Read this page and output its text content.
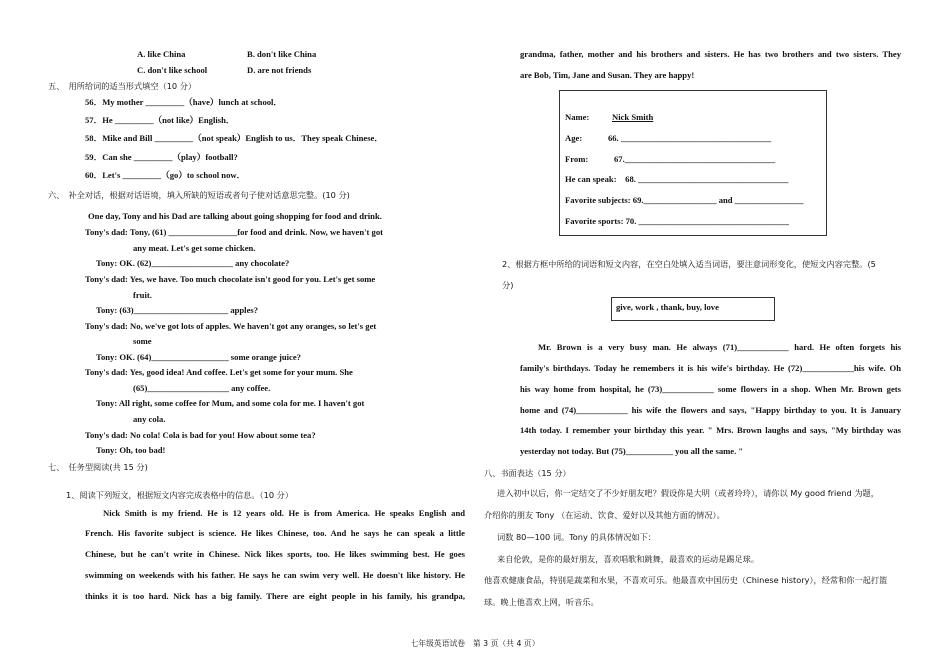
A. like China	B. don't like China
C. don't like school	D. are not friends
五、　用所给词的适当形式填空（10 分）
56．My mother _________（have）lunch at school．
57．He _________（not like）English．
58．Mike and Bill _________（not speak）English to us．They speak Chinese．
59．Can she _________（play）football?
60．Let's _________（go）to school now．
六、　补全对话，根据对话语境，填入所缺的短语或者句子使对话意思完整。(10 分)
One day, Tony and his Dad are talking about going shopping for food and drink.
Tony's dad: Tony, (61) ________________for food and drink. Now, we haven't got
any meat. Let's get some chicken.
Tony: OK. (62)___________________ any chocolate?
Tony's dad: Yes, we have. Too much chocolate isn't good for you. Let's get some
fruit.
Tony: (63)______________________ apples?
Tony's dad: No, we've got lots of apples. We haven't got any oranges, so let's get
some
Tony: OK. (64)__________________ some orange juice?
Tony's dad: Yes, good idea! And coffee. Let's get some for your mum. She
(65)___________________ any coffee.
Tony: All right, some coffee for Mum, and some cola for me. I haven't got
any cola.
Tony's dad: No cola! Cola is bad for you! How about some tea?
Tony: Oh, too bad!
七、　任务型阅读(共 15 分)
1、阅读下列短文，根据短文内容完成表格中的信息。（10 分）
Nick Smith is my friend. He is 12 years old. He is from America. He speaks English and
French. His favorite subject is science. He likes Chinese, too. And he says he can speak a little
Chinese, but he can't write in Chinese. Nick likes sports, too. He likes swimming best. He goes
swimming on weekends with his father. He says he can swim very well. He doesn't like history. He
thinks it is too hard. Nick has a big family. There are eight people in his family, his grandpa,
grandma, father, mother and his brothers and sisters. He has two brothers and two sisters. They
are Bob, Tim, Jane and Susan. They are happy!
Name:	Nick Smith
Age:　　　66. ___________________________________
From:　　　67.___________________________________
He can speak:　68. ___________________________________
Favorite subjects: 69._________________ and ________________
Favorite sports: 70. ___________________________________
2、根据方框中所给的词语和短文内容，在空白处填入适当词语，要注意词形变化，使短文内容完整。(5
分)
give, work , thank, buy, love
Mr. Brown is a very busy man. He always (71)____________ hard. He often forgets his
family's birthdays. Today he remembers it is his wife's birthday. He (72)____________his wife. Oh
his way home from hospital, he (73)____________ some flowers in a shop. When Mr. Brown gets
home and (74)____________ his wife the flowers and says, "Happy birthday to you. It is January
14th today. I remember your birthday this year. " Mrs. Brown laughs and says, "My birthday was
yesterday not today. But (75)___________ you all the same. "
八、书面表达（15 分）
进入初中以后，你一定结交了不少好朋友吧？假设你是大明（或者玲玲），请你以 My good friend 为题，
介绍你的朋友 Tony （在运动、饮食、爱好以及其他方面的情况）。
词数 80—100 词。Tony 的具体情况如下：
来自伦敦，是你的最好朋友，喜欢唱歌和跳舞，最喜欢的运动是踢足球。
他喜欢健康食品，特别是蔬菜和水果，不喜欢可乐。他最喜欢中国历史（Chinese history），经常和你一起打篮
球。晚上他喜欢上网，听音乐。
七年级英语试卷　第 3 页（共 4 页）
